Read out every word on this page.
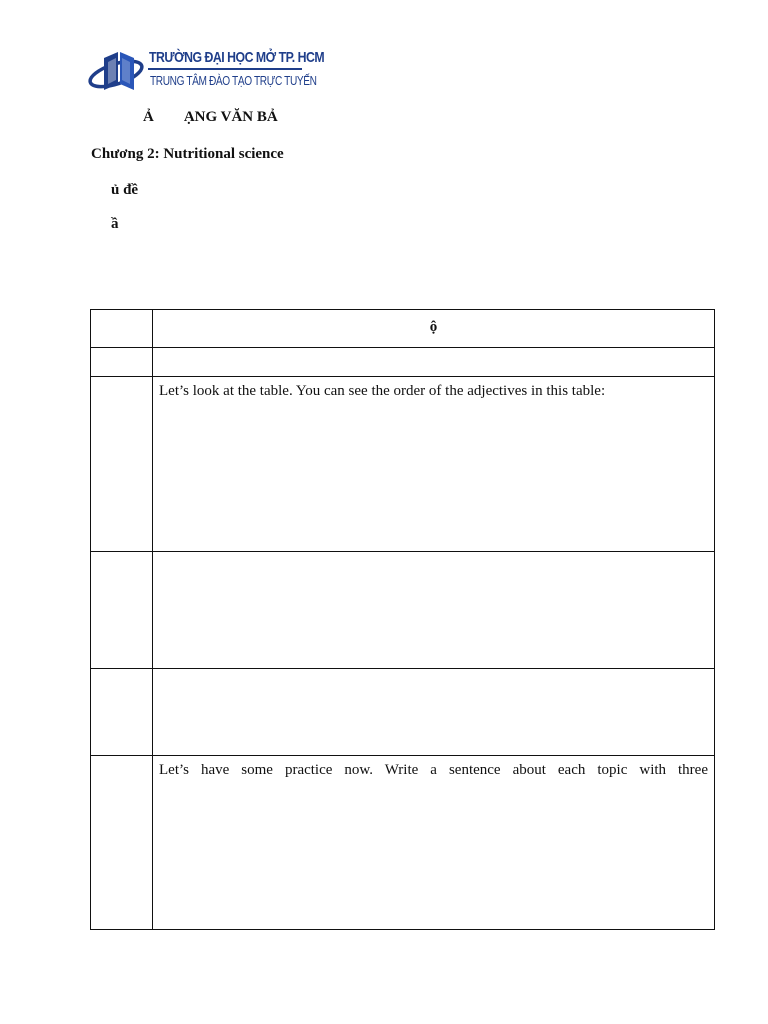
TRƯỜNG ĐẠI HỌC MỞ TP. HCM
TRUNG TÂM ĐÀO TẠO TRỰC TUYẾN
Ả        ẠNG VĂN BẢ
Chương 2: Nutritional science
ủ đề
ầ
	ộ

	Let’s look at the table. You can see the order of the adjectives in this table:

	Let’s have some practice now. Write a sentence about each topic with three
